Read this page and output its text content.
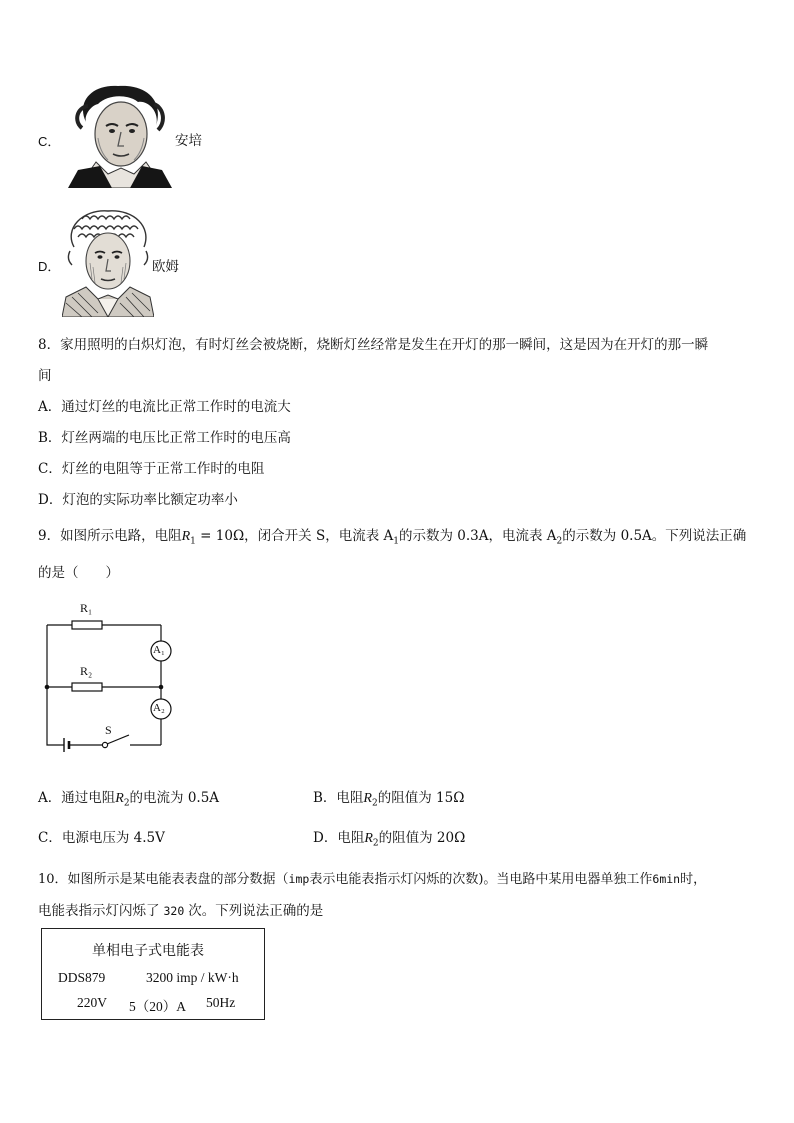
C．	安培
D．	欧姆
8．家用照明的白炽灯泡，有时灯丝会被烧断，烧断灯丝经常是发生在开灯的那一瞬间，这是因为在开灯的那一瞬
间
A．通过灯丝的电流比正常工作时的电流大
B．灯丝两端的电压比正常工作时的电压高
C．灯丝的电阻等于正常工作时的电阻
D．灯泡的实际功率比额定功率小
9．如图所示电路，电阻$R_1 = 10\Omega$，闭合开关 S，电流表 $A_1$的示数为 0.3A，电流表 $A_2$的示数为 0.5A。下列说法正确
的是（　　）
R₁
R₂
A₁
A₂
S
A．通过电阻$R_2$的电流为 0.5A	B．电阻$R_2$的阻值为 15Ω
C．电源电压为 4.5V	D．电阻$R_2$的阻值为 20Ω
10．如图所示是某电能表表盘的部分数据（imp表示电能表指示灯闪烁的次数)。当电路中某用电器单独工作6min时，
电能表指示灯闪烁了 320 次。下列说法正确的是
单相电子式电能表
DDS879	3200 imp / kW·h
220V 5（20）A 50Hz
